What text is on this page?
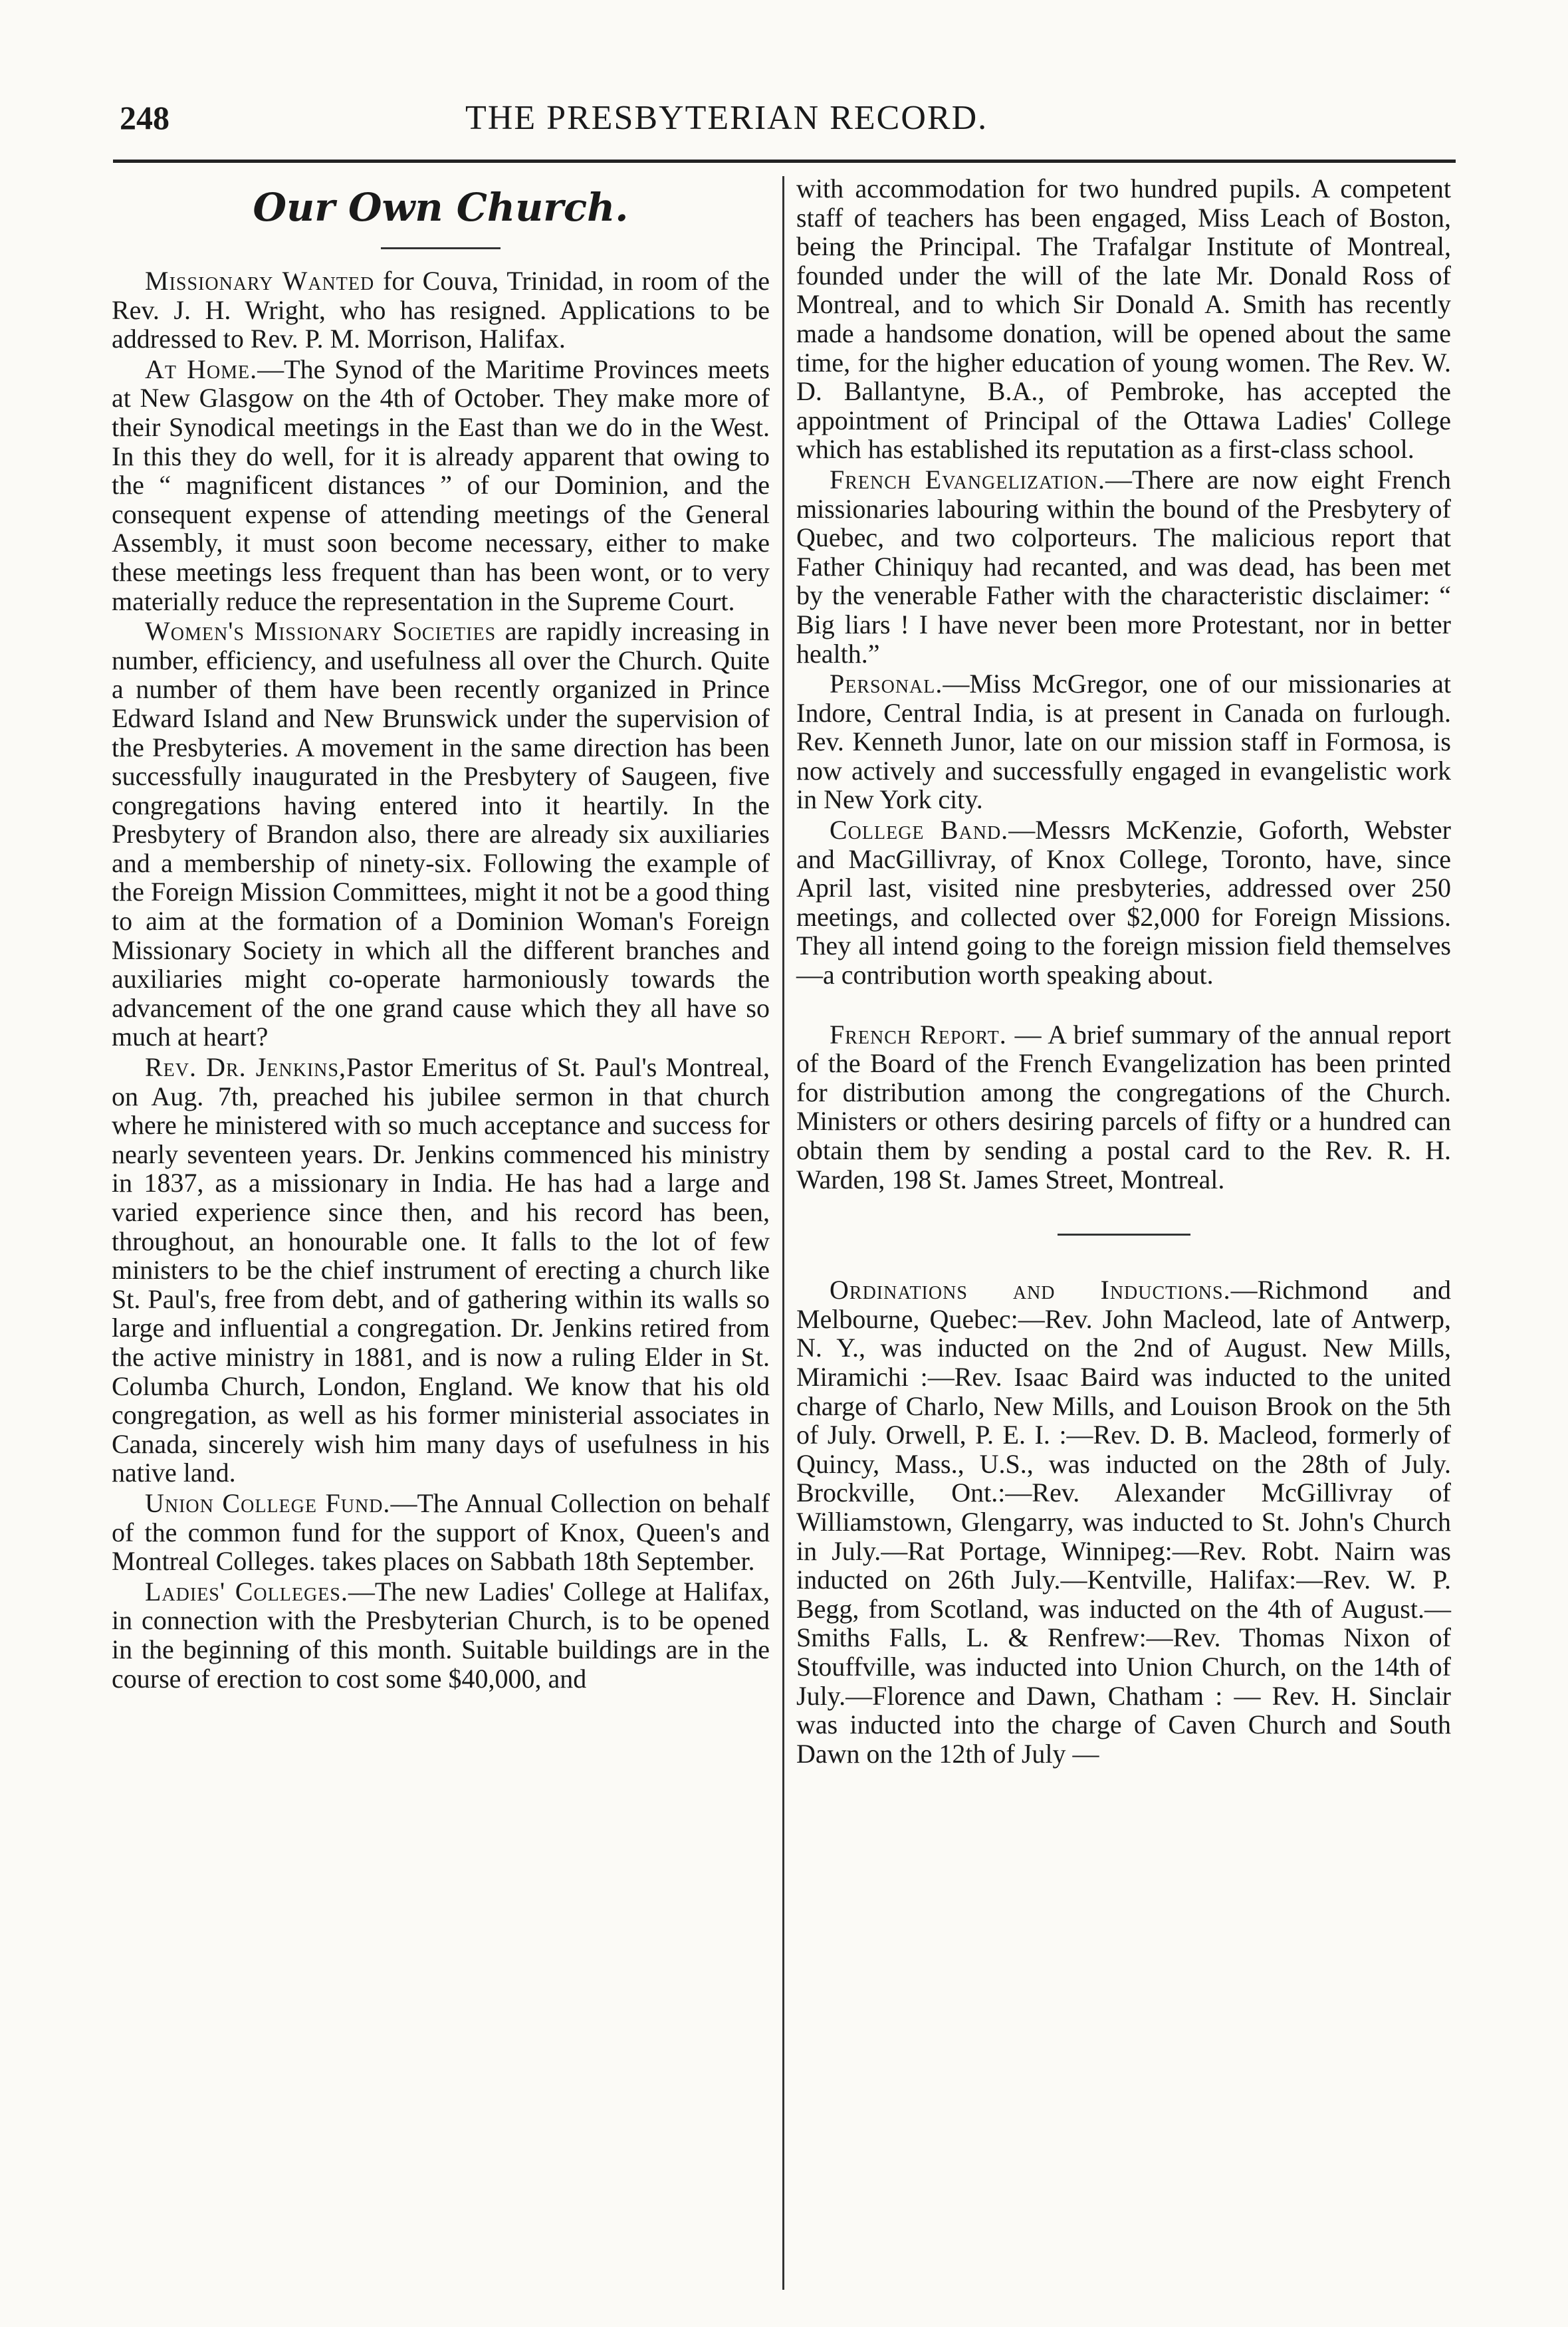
248	THE PRESBYTERIAN RECORD.
Our Own Church.

Missionary Wanted for Couva, Trinidad, in room of the Rev. J. H. Wright, who has resigned. Applications to be addressed to Rev. P. M. Morrison, Halifax.

At Home.—The Synod of the Maritime Provinces meets at New Glasgow on the 4th of October. They make more of their Synodical meetings in the East than we do in the West. In this they do well, for it is already apparent that owing to the “ magnificent distances ” of our Dominion, and the consequent expense of attending meetings of the General Assembly, it must soon become necessary, either to make these meetings less frequent than has been wont, or to very materially reduce the representation in the Supreme Court.

Women's Missionary Societies are rapidly increasing in number, efficiency, and usefulness all over the Church. Quite a number of them have been recently organized in Prince Edward Island and New Brunswick under the supervision of the Presbyteries. A movement in the same direction has been successfully inaugurated in the Presbytery of Saugeen, five congregations having entered into it heartily. In the Presbytery of Brandon also, there are already six auxiliaries and a membership of ninety-six. Following the example of the Foreign Mission Committees, might it not be a good thing to aim at the formation of a Dominion Woman's Foreign Missionary Society in which all the different branches and auxiliaries might co-operate harmoniously towards the advancement of the one grand cause which they all have so much at heart?

Rev. Dr. Jenkins,Pastor Emeritus of St. Paul's Montreal, on Aug. 7th, preached his jubilee sermon in that church where he ministered with so much acceptance and success for nearly seventeen years. Dr. Jenkins commenced his ministry in 1837, as a missionary in India. He has had a large and varied experience since then, and his record has been, throughout, an honourable one. It falls to the lot of few ministers to be the chief instrument of erecting a church like St. Paul's, free from debt, and of gathering within its walls so large and influential a congregation. Dr. Jenkins retired from the active ministry in 1881, and is now a ruling Elder in St. Columba Church, London, England. We know that his old congregation, as well as his former ministerial associates in Canada, sincerely wish him many days of usefulness in his native land.

Union College Fund.—The Annual Collection on behalf of the common fund for the support of Knox, Queen's and Montreal Colleges. takes places on Sabbath 18th September.

Ladies' Colleges.—The new Ladies' College at Halifax, in connection with the Presbyterian Church, is to be opened in the beginning of this month. Suitable buildings are in the course of erection to cost some $40,000, and

with accommodation for two hundred pupils. A competent staff of teachers has been engaged, Miss Leach of Boston, being the Principal. The Trafalgar Institute of Montreal, founded under the will of the late Mr. Donald Ross of Montreal, and to which Sir Donald A. Smith has recently made a handsome donation, will be opened about the same time, for the higher education of young women. The Rev. W. D. Ballantyne, B.A., of Pembroke, has accepted the appointment of Principal of the Ottawa Ladies' College which has established its reputation as a first-class school.

French Evangelization.—There are now eight French missionaries labouring within the bound of the Presbytery of Quebec, and two colporteurs. The malicious report that Father Chiniquy had recanted, and was dead, has been met by the venerable Father with the characteristic disclaimer: “ Big liars ! I have never been more Protestant, nor in better health.”

Personal.—Miss McGregor, one of our missionaries at Indore, Central India, is at present in Canada on furlough. Rev. Kenneth Junor, late on our mission staff in Formosa, is now actively and successfully engaged in evangelistic work in New York city.

College Band.—Messrs McKenzie, Goforth, Webster and MacGillivray, of Knox College, Toronto, have, since April last, visited nine presbyteries, addressed over 250 meetings, and collected over $2,000 for Foreign Missions. They all intend going to the foreign mission field themselves—a contribution worth speaking about.

French Report. — A brief summary of the annual report of the Board of the French Evangelization has been printed for distribution among the congregations of the Church. Ministers or others desiring parcels of fifty or a hundred can obtain them by sending a postal card to the Rev. R. H. Warden, 198 St. James Street, Montreal.

Ordinations and Inductions.—Richmond and Melbourne, Quebec:—Rev. John Macleod, late of Antwerp, N. Y., was inducted on the 2nd of August. New Mills, Miramichi :—Rev. Isaac Baird was inducted to the united charge of Charlo, New Mills, and Louison Brook on the 5th of July. Orwell, P. E. I. :—Rev. D. B. Macleod, formerly of Quincy, Mass., U.S., was inducted on the 28th of July. Brockville, Ont.:—Rev. Alexander McGillivray of Williamstown, Glengarry, was inducted to St. John's Church in July.—Rat Portage, Winnipeg:—Rev. Robt. Nairn was inducted on 26th July.—Kentville, Halifax:—Rev. W. P. Begg, from Scotland, was inducted on the 4th of August.—Smiths Falls, L. & Renfrew:—Rev. Thomas Nixon of Stouffville, was inducted into Union Church, on the 14th of July.—Florence and Dawn, Chatham : — Rev. H. Sinclair was inducted into the charge of Caven Church and South Dawn on the 12th of July —
